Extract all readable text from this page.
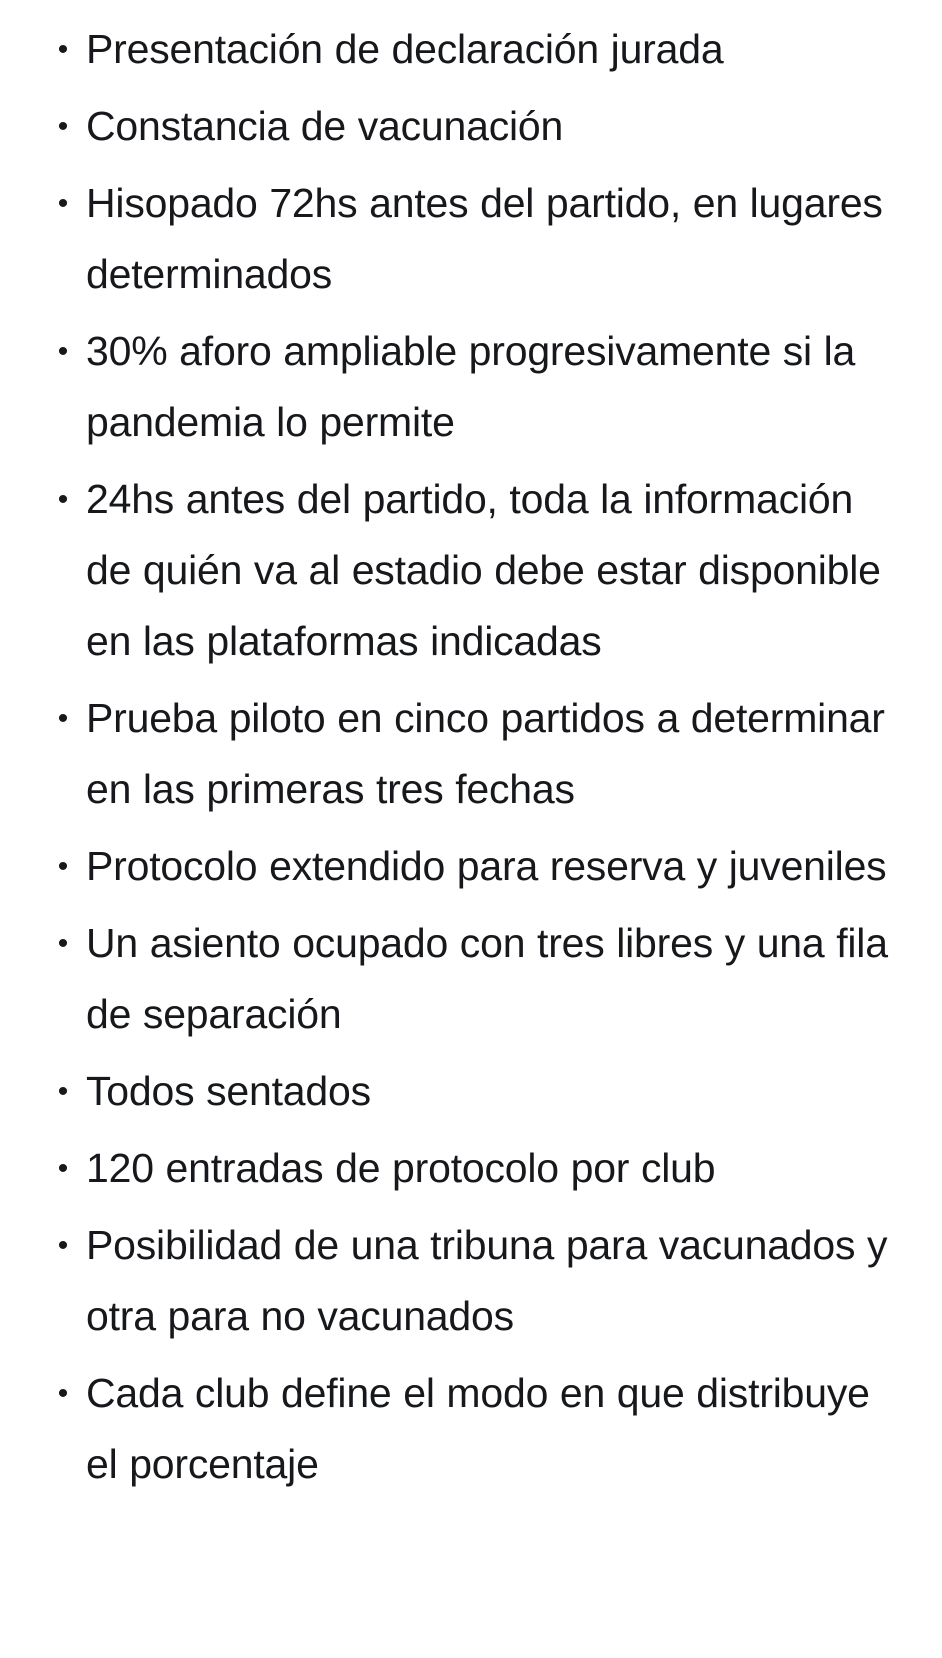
• Presentación de declaración jurada
• Constancia de vacunación
• Hisopado 72hs antes del partido, en lugares determinados
• 30% aforo ampliable progresivamente si la pandemia lo permite
• 24hs antes del partido, toda la información de quién va al estadio debe estar disponible en las plataformas indicadas
• Prueba piloto en cinco partidos a determinar en las primeras tres fechas
• Protocolo extendido para reserva y juveniles
• Un asiento ocupado con tres libres y una fila de separación
• Todos sentados
• 120 entradas de protocolo por club
• Posibilidad de una tribuna para vacunados y otra para no vacunados
• Cada club define el modo en que distribuye el porcentaje
